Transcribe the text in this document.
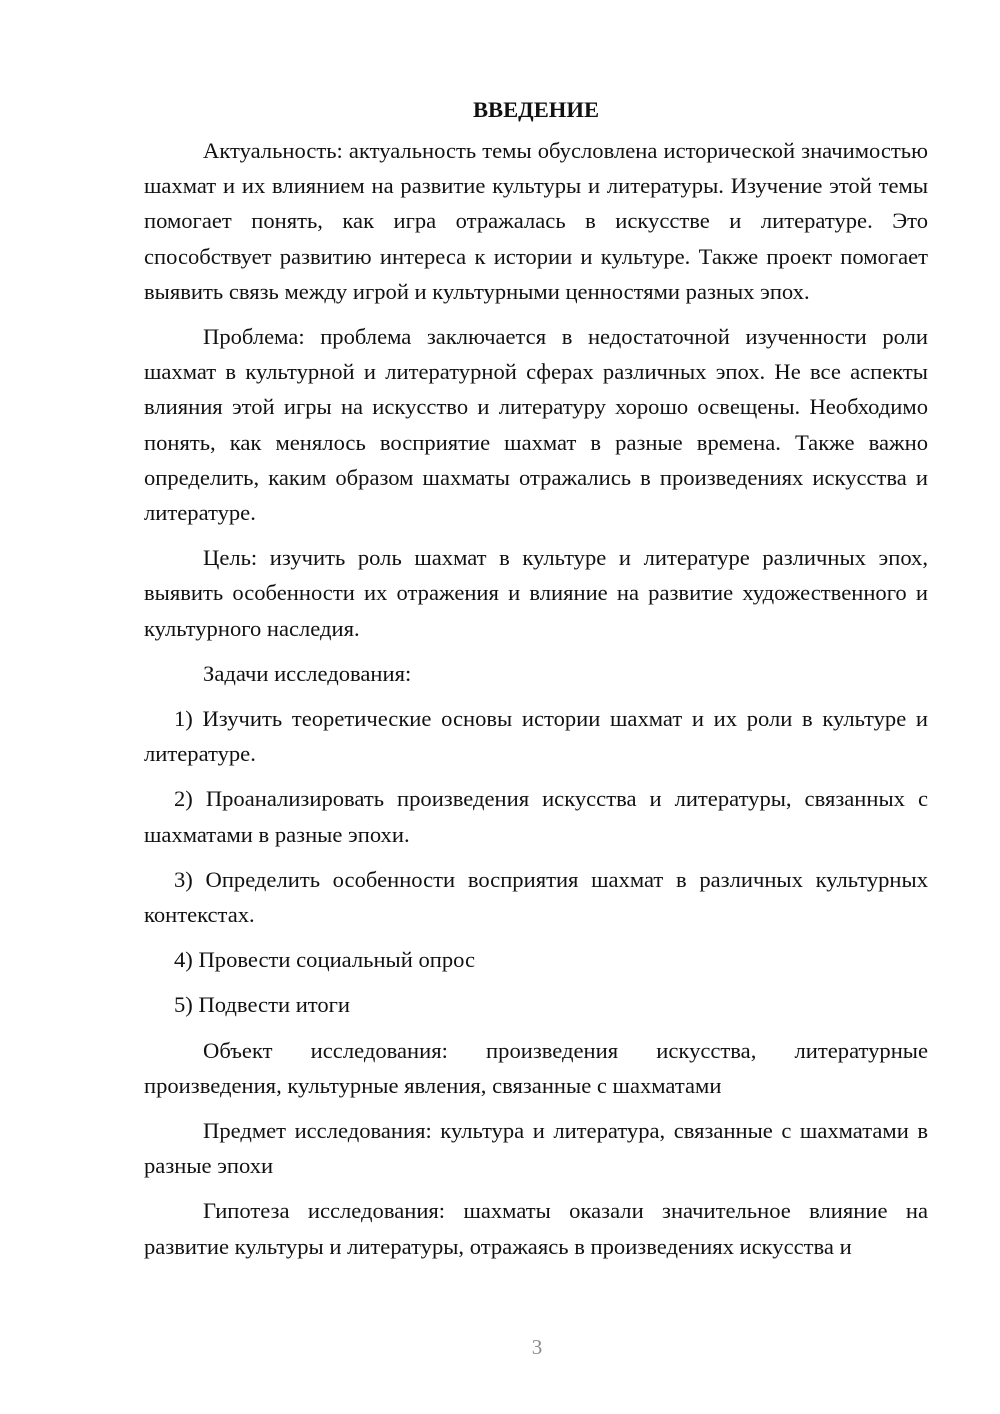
ВВЕДЕНИЕ

Актуальность: актуальность темы обусловлена исторической значимостью шахмат и их влиянием на развитие культуры и литературы. Изучение этой темы помогает понять, как игра отражалась в искусстве и литературе. Это способствует развитию интереса к истории и культуре. Также проект помогает выявить связь между игрой и культурными ценностями разных эпох.

Проблема: проблема заключается в недостаточной изученности роли шахмат в культурной и литературной сферах различных эпох. Не все аспекты влияния этой игры на искусство и литературу хорошо освещены. Необходимо понять, как менялось восприятие шахмат в разные времена. Также важно определить, каким образом шахматы отражались в произведениях искусства и литературе.

Цель: изучить роль шахмат в культуре и литературе различных эпох, выявить особенности их отражения и влияние на развитие художественного и культурного наследия.

Задачи исследования:

1) Изучить теоретические основы истории шахмат и их роли в культуре и литературе.

2) Проанализировать произведения искусства и литературы, связанных с шахматами в разные эпохи.

3) Определить особенности восприятия шахмат в различных культурных контекстах.

4) Провести социальный опрос

5) Подвести итоги

Объект исследования: произведения искусства, литературные произведения, культурные явления, связанные с шахматами

Предмет исследования: культура и литература, связанные с шахматами в разные эпохи

Гипотеза исследования: шахматы оказали значительное влияние на развитие культуры и литературы, отражаясь в произведениях искусства и

3
